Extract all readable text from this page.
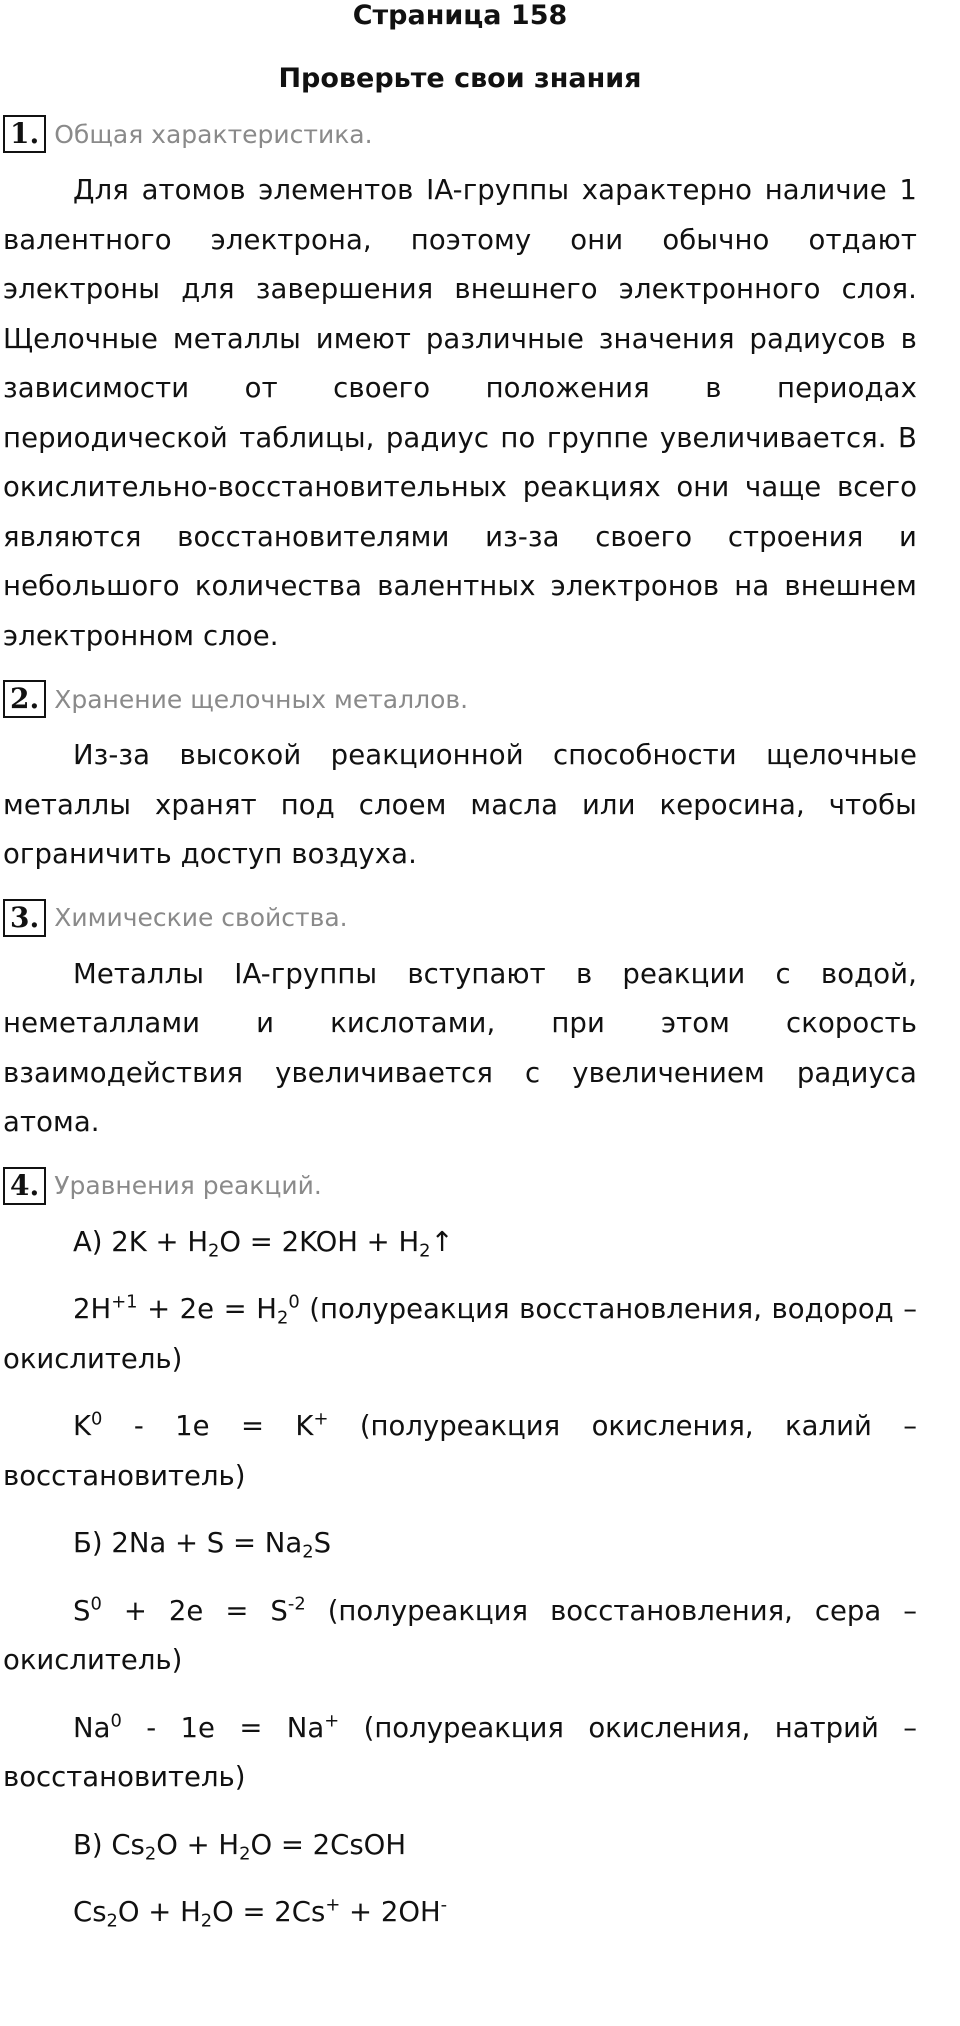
Страница 158
Проверьте свои знания
1. Общая характеристика.

Для атомов элементов IA-группы характерно наличие 1 валентного электрона, поэтому они обычно отдают электроны для завершения внешнего электронного слоя. Щелочные металлы имеют различные значения радиусов в зависимости от своего положения в периодах периодической таблицы, радиус по группе увеличивается. В окислительно-восстановительных реакциях они чаще всего являются восстановителями из-за своего строения и небольшого количества валентных электронов на внешнем электронном слое.

2. Хранение щелочных металлов.

Из-за высокой реакционной способности щелочные металлы хранят под слоем масла или керосина, чтобы ограничить доступ воздуха.

3. Химические свойства.

Металлы IA-группы вступают в реакции с водой, неметаллами и кислотами, при этом скорость взаимодействия увеличивается с увеличением радиуса атома.

4. Уравнения реакций.

А) $2K + H_2O = 2KOH$ + $H_2↑$

$2H^{+1} + 2e = H_2^0$ (полуреакция восстановления, водород – окислитель)

$K^0 - 1e = K^+$ (полуреакция окисления, калий – восстановитель)

Б) $2Na + S = Na_2S$

$S^0 + 2e = S^{-2}$ (полуреакция восстановления, сера – окислитель)

Na$^0$ - 1e = Na+ (полуреакция окисления, натрий – восстановитель)

В) $Cs_2O + H_2O$ = 2CsOH

$Cs_2O + H_2O = 2Cs^+ + 2OH^-$
